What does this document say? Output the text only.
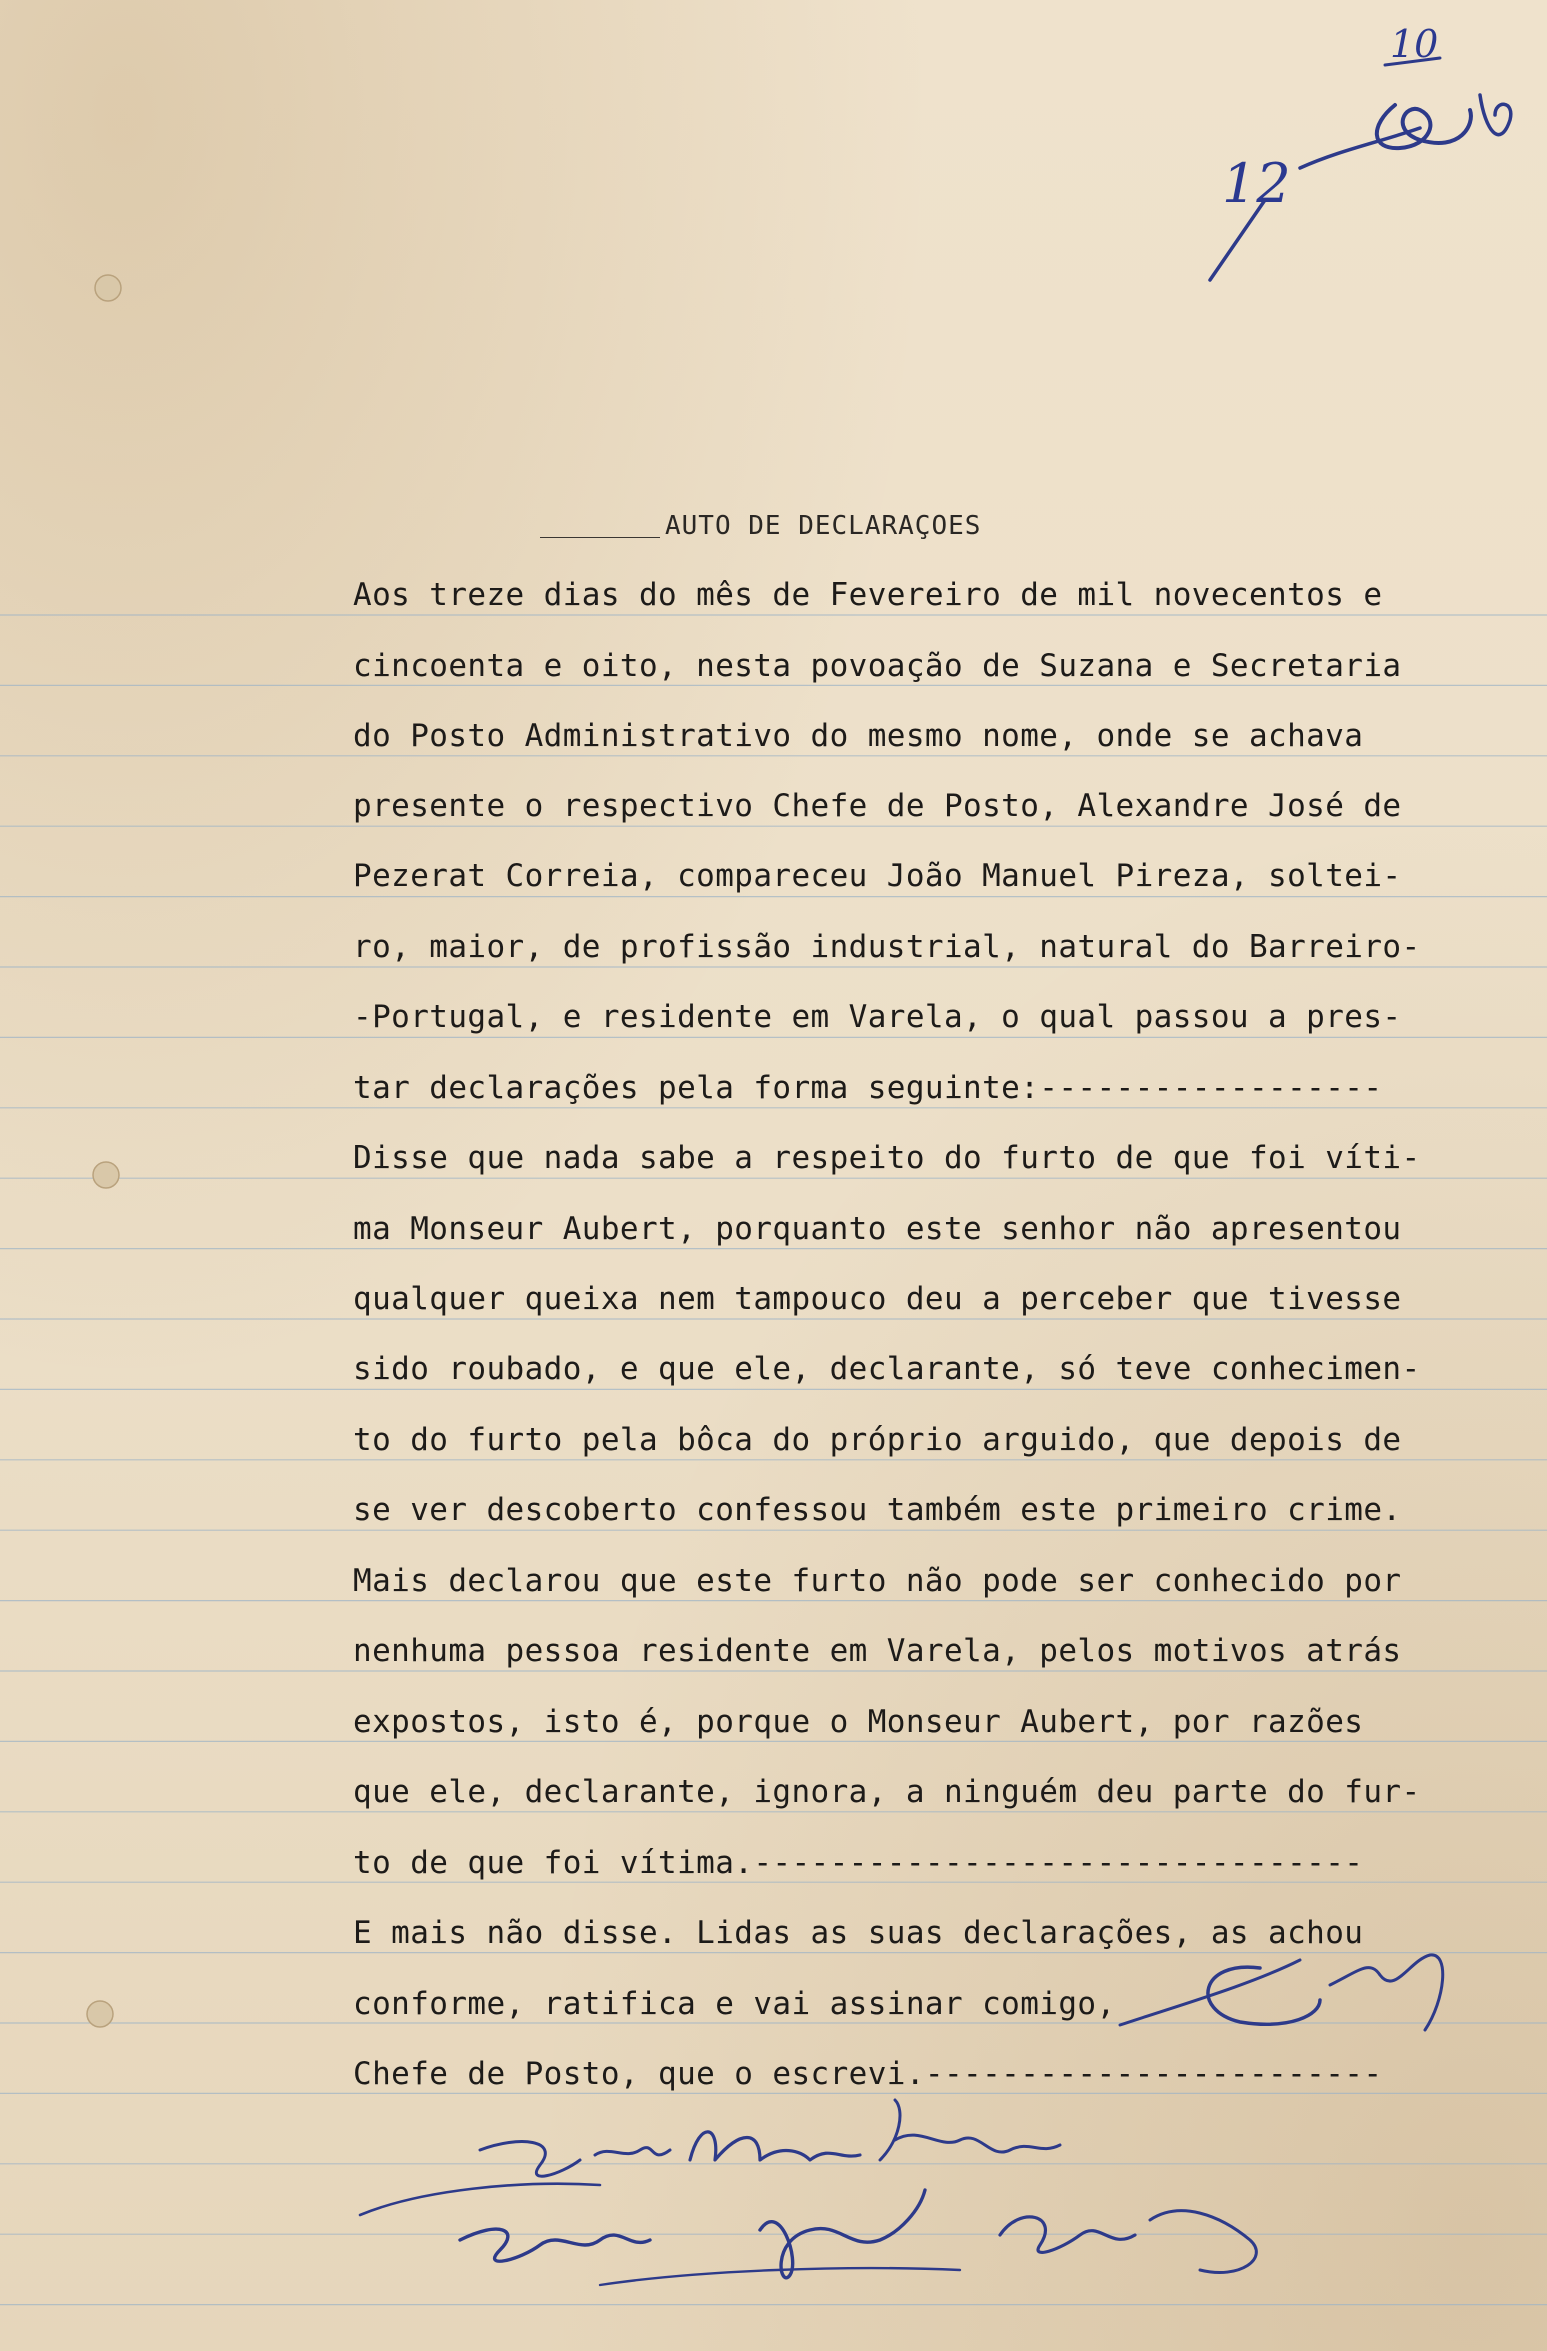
10
12
AUTO DE DECLARAÇOES
Aos treze dias do mês de Fevereiro de mil novecentos e
cincoenta e oito, nesta povoação de Suzana e Secretaria
do Posto Administrativo do mesmo nome, onde se achava
presente o respectivo Chefe de Posto, Alexandre José de
Pezerat Correia, compareceu João Manuel Pireza, soltei-
ro, maior, de profissão industrial, natural do Barreiro-
-Portugal, e residente em Varela, o qual passou a pres-
tar declarações pela forma seguinte:------------------
Disse que nada sabe a respeito do furto de que foi víti-
ma Monseur Aubert, porquanto este senhor não apresentou
qualquer queixa nem tampouco deu a perceber que tivesse
sido roubado, e que ele, declarante, só teve conhecimen-
to do furto pela bôca do próprio arguido, que depois de
se ver descoberto confessou também este primeiro crime.
Mais declarou que este furto não pode ser conhecido por
nenhuma pessoa residente em Varela, pelos motivos atrás
expostos, isto é, porque o Monseur Aubert, por razões
que ele, declarante, ignora, a ninguém deu parte do fur-
to de que foi vítima.--------------------------------
E mais não disse. Lidas as suas declarações, as achou
conforme, ratifica e vai assinar comigo,
Chefe de Posto, que o escrevi.------------------------
